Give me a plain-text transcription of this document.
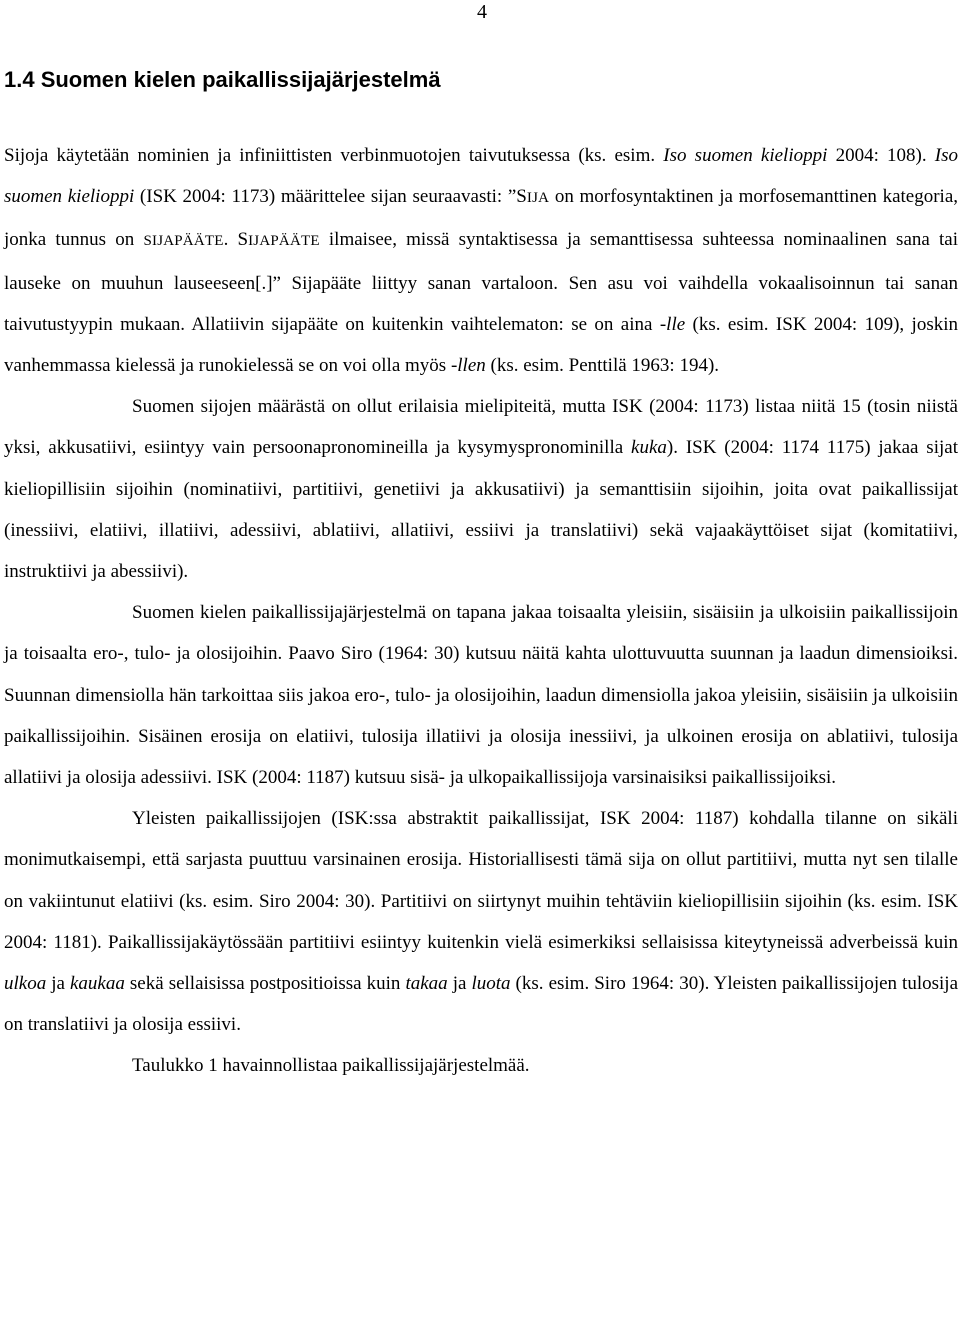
4
1.4 Suomen kielen paikallissijajärjestelmä

Sijoja käytetään nominien ja infiniittisten verbinmuotojen taivutuksessa (ks. esim. Iso suomen kielioppi 2004: 108). Iso suomen kielioppi (ISK 2004: 1173) määrittelee sijan seuraavasti: ”SIJA on morfosyntaktinen ja morfosemanttinen kategoria, jonka tunnus on SIJAPÄÄTE. SIJAPÄÄTE ilmaisee, missä syntaktisessa ja semanttisessa suhteessa nominaalinen sana tai lauseke on muuhun lauseeseen[.]” Sijapääte liittyy sanan vartaloon. Sen asu voi vaihdella vokaalisoinnun tai sanan taivutustyypin mukaan. Allatiivin sijapääte on kuitenkin vaihtelematon: se on aina -lle (ks. esim. ISK 2004: 109), joskin vanhemmassa kielessä ja runokielessä se on voi olla myös -llen (ks. esim. Penttilä 1963: 194).

Suomen sijojen määrästä on ollut erilaisia mielipiteitä, mutta ISK (2004: 1173) listaa niitä 15 (tosin niistä yksi, akkusatiivi, esiintyy vain persoonapronomineilla ja kysymyspronominilla kuka). ISK (2004: 1174 1175) jakaa sijat kieliopillisiin sijoihin (nominatiivi, partitiivi, genetiivi ja akkusatiivi) ja semanttisiin sijoihin, joita ovat paikallissijat (inessiivi, elatiivi, illatiivi, adessiivi, ablatiivi, allatiivi, essiivi ja translatiivi) sekä vajaakäyttöiset sijat (komitatiivi, instruktiivi ja abessiivi).

Suomen kielen paikallissijajärjestelmä on tapana jakaa toisaalta yleisiin, sisäisiin ja ulkoisiin paikallissijoin ja toisaalta ero-, tulo- ja olosijoihin. Paavo Siro (1964: 30) kutsuu näitä kahta ulottuvuutta suunnan ja laadun dimensioiksi. Suunnan dimensiolla hän tarkoittaa siis jakoa ero-, tulo- ja olosijoihin, laadun dimensiolla jakoa yleisiin, sisäisiin ja ulkoisiin paikallissijoihin. Sisäinen erosija on elatiivi, tulosija illatiivi ja olosija inessiivi, ja ulkoinen erosija on ablatiivi, tulosija allatiivi ja olosija adessiivi. ISK (2004: 1187) kutsuu sisä- ja ulkopaikallissijoja varsinaisiksi paikallissijoiksi.

Yleisten paikallissijojen (ISK:ssa abstraktit paikallissijat, ISK 2004: 1187) kohdalla tilanne on sikäli monimutkaisempi, että sarjasta puuttuu varsinainen erosija. Historiallisesti tämä sija on ollut partitiivi, mutta nyt sen tilalle on vakiintunut elatiivi (ks. esim. Siro 2004: 30). Partitiivi on siirtynyt muihin tehtäviin kieliopillisiin sijoihin (ks. esim. ISK 2004: 1181). Paikallissijakäytössään partitiivi esiintyy kuitenkin vielä esimerkiksi sellaisissa kiteytyneissä adverbeissä kuin ulkoa ja kaukaa sekä sellaisissa postpositioissa kuin takaa ja luota (ks. esim. Siro 1964: 30). Yleisten paikallissijojen tulosija on translatiivi ja olosija essiivi.

Taulukko 1 havainnollistaa paikallissijajärjestelmää.
